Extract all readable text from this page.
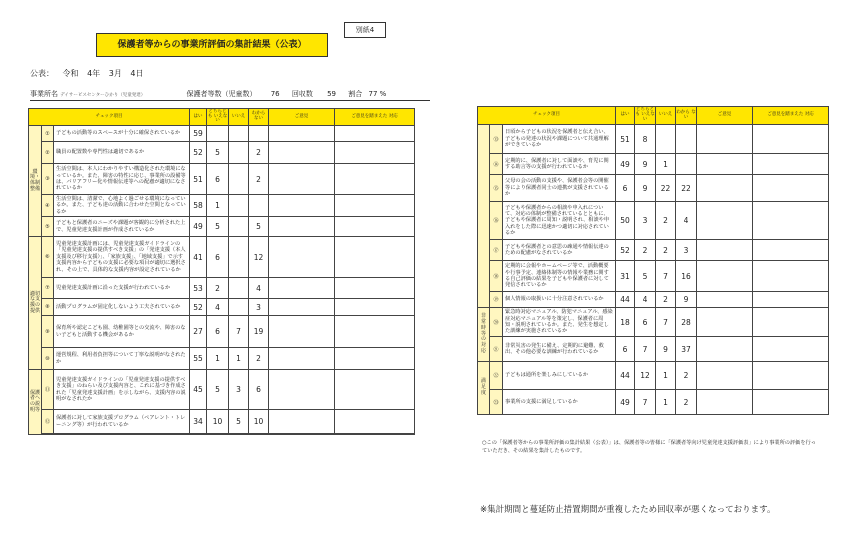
別紙4
保護者等からの事業所評価の集計結果（公表）
公表： 令和 4年 3月 4日
事業所名 デイサービスセンターひかり（児童発達）	保護者等数（児童数） 76 回収数 59 割合 77 %
チェック項目			はい	どちらとも いえない	いいえ	わから ない	ご意見	ご意見を踏まえた 対応
環境・体制整備	①	子どもの活動等のスペースが十分に確保されているか	59					
	②	職員の配置数や専門性は適切であるか	52	5		2		
	③	生活空間は、本人にわかりやすい構造化された環境になっているか。また、障害の特性に応じ、事業所の設備等は、バリアフリー化や情報伝達等への配慮が適切になされているか	51	6		2		
	④	生活空間は、清潔で、心地よく過ごせる環境になっているか。また、子ども達の活動に合わせた空間となっているか	58	1				
	⑤	子どもと保護者のニーズや課題が客観的に分析された上で、児童発達支援計画が作成されているか	49	5		5		
適切な支援の提供	⑥	児童発達支援計画には、児童発達支援ガイドラインの「児童発達支援の提供すべき支援」の「発達支援（本人支援及び移行支援）」、「家族支援」、「地域支援」で示す支援内容から子どもの支援に必要な項目が適切に選択され、その上で、具体的な支援内容が設定されているか	41	6		12		
	⑦	児童発達支援計画に沿った支援が行われているか	53	2		4		
	⑧	活動プログラムが固定化しないよう工夫されているか	52	4		3		
	⑨	保育所や認定こども園、幼稚園等との交流や、障害のない子どもと活動する機会があるか	27	6	7	19		
	⑩	運営規程、利用者負担等について丁寧な説明がなされたか	55	1	1	2		
保護者への説明等	⑪	児童発達支援ガイドラインの「児童発達支援の提供すべき支援」のねらい及び支援内容と、これに基づき作成された「児童発達支援計画」を示しながら、支援内容の説明がなされたか	45	5	3	6		
	⑫	保護者に対して家族支援プログラム（ペアレント・トレーニング等）が行われているか	34	10	5	10		

チェック項目			はい	どちらとも いえない	いいえ	わから ない	ご意見	ご意見を踏まえた 対応
	⑬	日頃から子どもの状況を保護者と伝え合い、子どもの発達の状況や課題について共通理解ができているか	51	8				
	⑭	定期的に、保護者に対して面談や、育児に関する助言等の支援が行われているか	49	9	1			
	⑮	父母の会の活動の支援や、保護者会等の開催等により保護者同士の連携が支援されているか	6	9	22	22		
	⑯	子どもや保護者からの相談や申入れについて、対応の体制が整備されているとともに、子どもや保護者に周知・説明され、相談や申入れをした際に迅速かつ適切に対応されているか	50	3	2	4		
	⑰	子どもや保護者との意思の疎通や情報伝達のための配慮がなされているか	52	2	2	3		
	⑱	定期的に会報やホームページ等で、活動概要や行事予定、連絡体制等の情報や業務に関する自己評価の結果を子どもや保護者に対して発信されているか	31	5	7	16		
	⑲	個人情報の取扱いに十分注意されているか	44	4	2	9		
非常時等の対応	⑳	緊急時対応マニュアル、防犯マニュアル、感染症対応マニュアル等を策定し、保護者に周知・説明されているか。また、発生を想定した訓練が実施されているか	18	6	7	28		
	㉑	非常災害の発生に備え、定期的に避難、救出、その他必要な訓練が行われているか	6	7	9	37		
満足度	㉒	子どもは通所を楽しみにしているか	44	12	1	2		
	㉓	事業所の支援に満足しているか	49	7	1	2		
○この「保護者等からの事業所評価の集計結果（公表）」は、保護者等の皆様に「保護者等向け児童発達支援評価表」により事業所の評価を行っていただき、その結果を集計したものです。
※集計期間と蔓延防止措置期間が重複したため回収率が悪くなっております。
